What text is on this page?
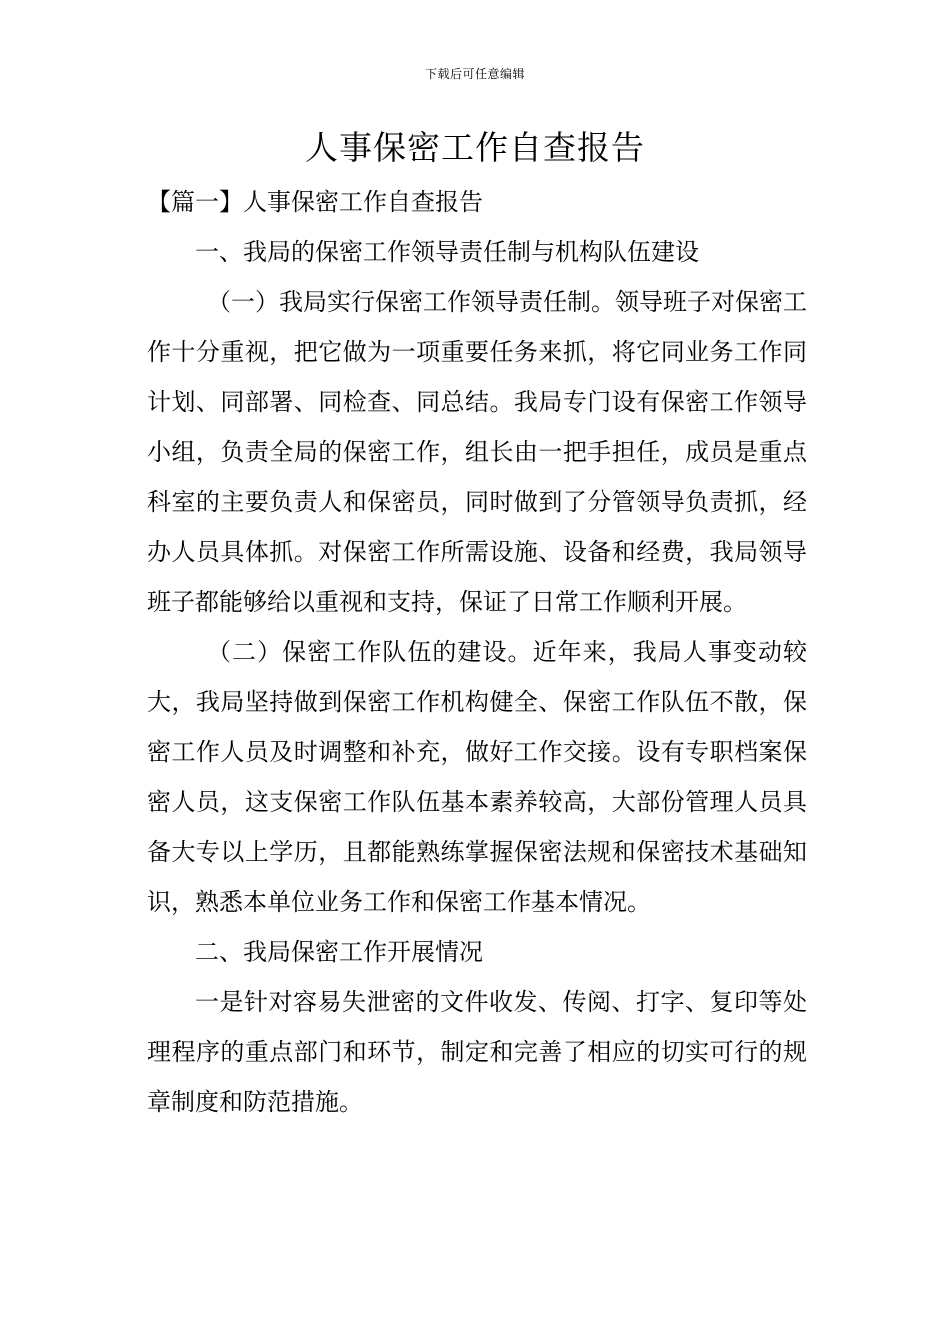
下载后可任意编辑
人事保密工作自查报告

【篇一】人事保密工作自查报告

一、我局的保密工作领导责任制与机构队伍建设

（一）我局实行保密工作领导责任制。领导班子对保密工作十分重视，把它做为一项重要任务来抓，将它同业务工作同计划、同部署、同检查、同总结。我局专门设有保密工作领导小组，负责全局的保密工作，组长由一把手担任，成员是重点科室的主要负责人和保密员，同时做到了分管领导负责抓，经办人员具体抓。对保密工作所需设施、设备和经费，我局领导班子都能够给以重视和支持，保证了日常工作顺利开展。

（二）保密工作队伍的建设。近年来，我局人事变动较大，我局坚持做到保密工作机构健全、保密工作队伍不散，保密工作人员及时调整和补充，做好工作交接。设有专职档案保密人员，这支保密工作队伍基本素养较高，大部份管理人员具备大专以上学历，且都能熟练掌握保密法规和保密技术基础知识，熟悉本单位业务工作和保密工作基本情况。

二、我局保密工作开展情况

一是针对容易失泄密的文件收发、传阅、打字、复印等处理程序的重点部门和环节，制定和完善了相应的切实可行的规章制度和防范措施。
